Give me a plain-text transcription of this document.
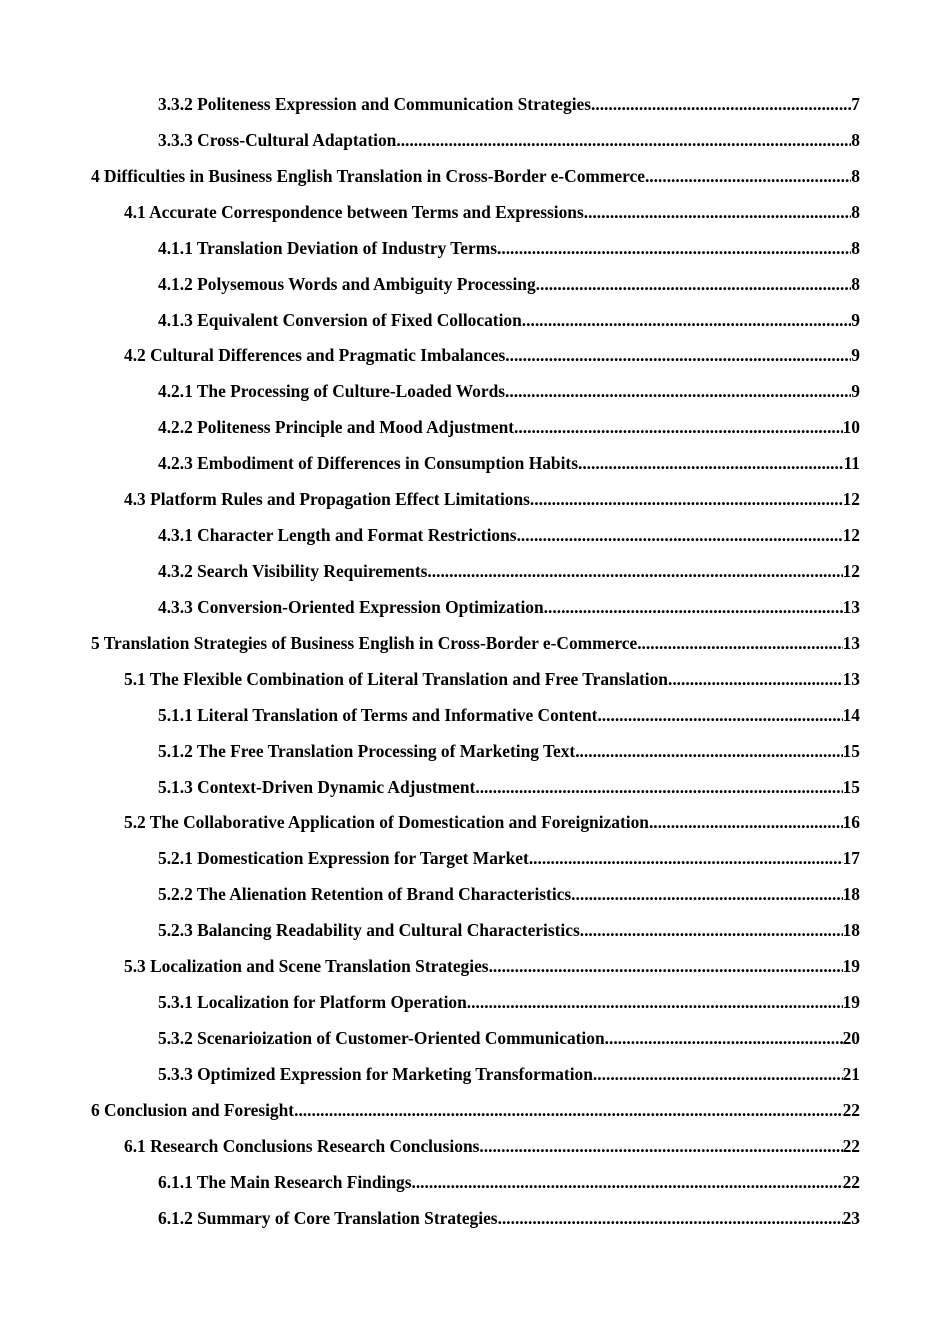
3.3.2 Politeness Expression and Communication Strategies .....	7
3.3.3 Cross-Cultural Adaptation .....	8
4 Difficulties in Business English Translation in Cross-Border e-Commerce .....	8
4.1 Accurate Correspondence between Terms and Expressions .....	8
4.1.1 Translation Deviation of Industry Terms .....	8
4.1.2 Polysemous Words and Ambiguity Processing .....	8
4.1.3 Equivalent Conversion of Fixed Collocation .....	9
4.2 Cultural Differences and Pragmatic Imbalances .....	9
4.2.1 The Processing of Culture-Loaded Words .....	9
4.2.2 Politeness Principle and Mood Adjustment .....	10
4.2.3 Embodiment of Differences in Consumption Habits .....	11
4.3 Platform Rules and Propagation Effect Limitations .....	12
4.3.1 Character Length and Format Restrictions .....	12
4.3.2 Search Visibility Requirements .....	12
4.3.3 Conversion-Oriented Expression Optimization .....	13
5 Translation Strategies of Business English in Cross-Border e-Commerce .....	13
5.1 The Flexible Combination of Literal Translation and Free Translation .....	13
5.1.1 Literal Translation of Terms and Informative Content .....	14
5.1.2 The Free Translation Processing of Marketing Text .....	15
5.1.3 Context-Driven Dynamic Adjustment .....	15
5.2 The Collaborative Application of Domestication and Foreignization .....	16
5.2.1 Domestication Expression for Target Market .....	17
5.2.2 The Alienation Retention of Brand Characteristics .....	18
5.2.3 Balancing Readability and Cultural Characteristics .....	18
5.3 Localization and Scene Translation Strategies .....	19
5.3.1 Localization for Platform Operation .....	19
5.3.2 Scenarioization of Customer-Oriented Communication .....	20
5.3.3 Optimized Expression for Marketing Transformation .....	21
6 Conclusion and Foresight .....	22
6.1 Research Conclusions Research Conclusions .....	22
6.1.1 The Main Research Findings .....	22
6.1.2 Summary of Core Translation Strategies .....	23
